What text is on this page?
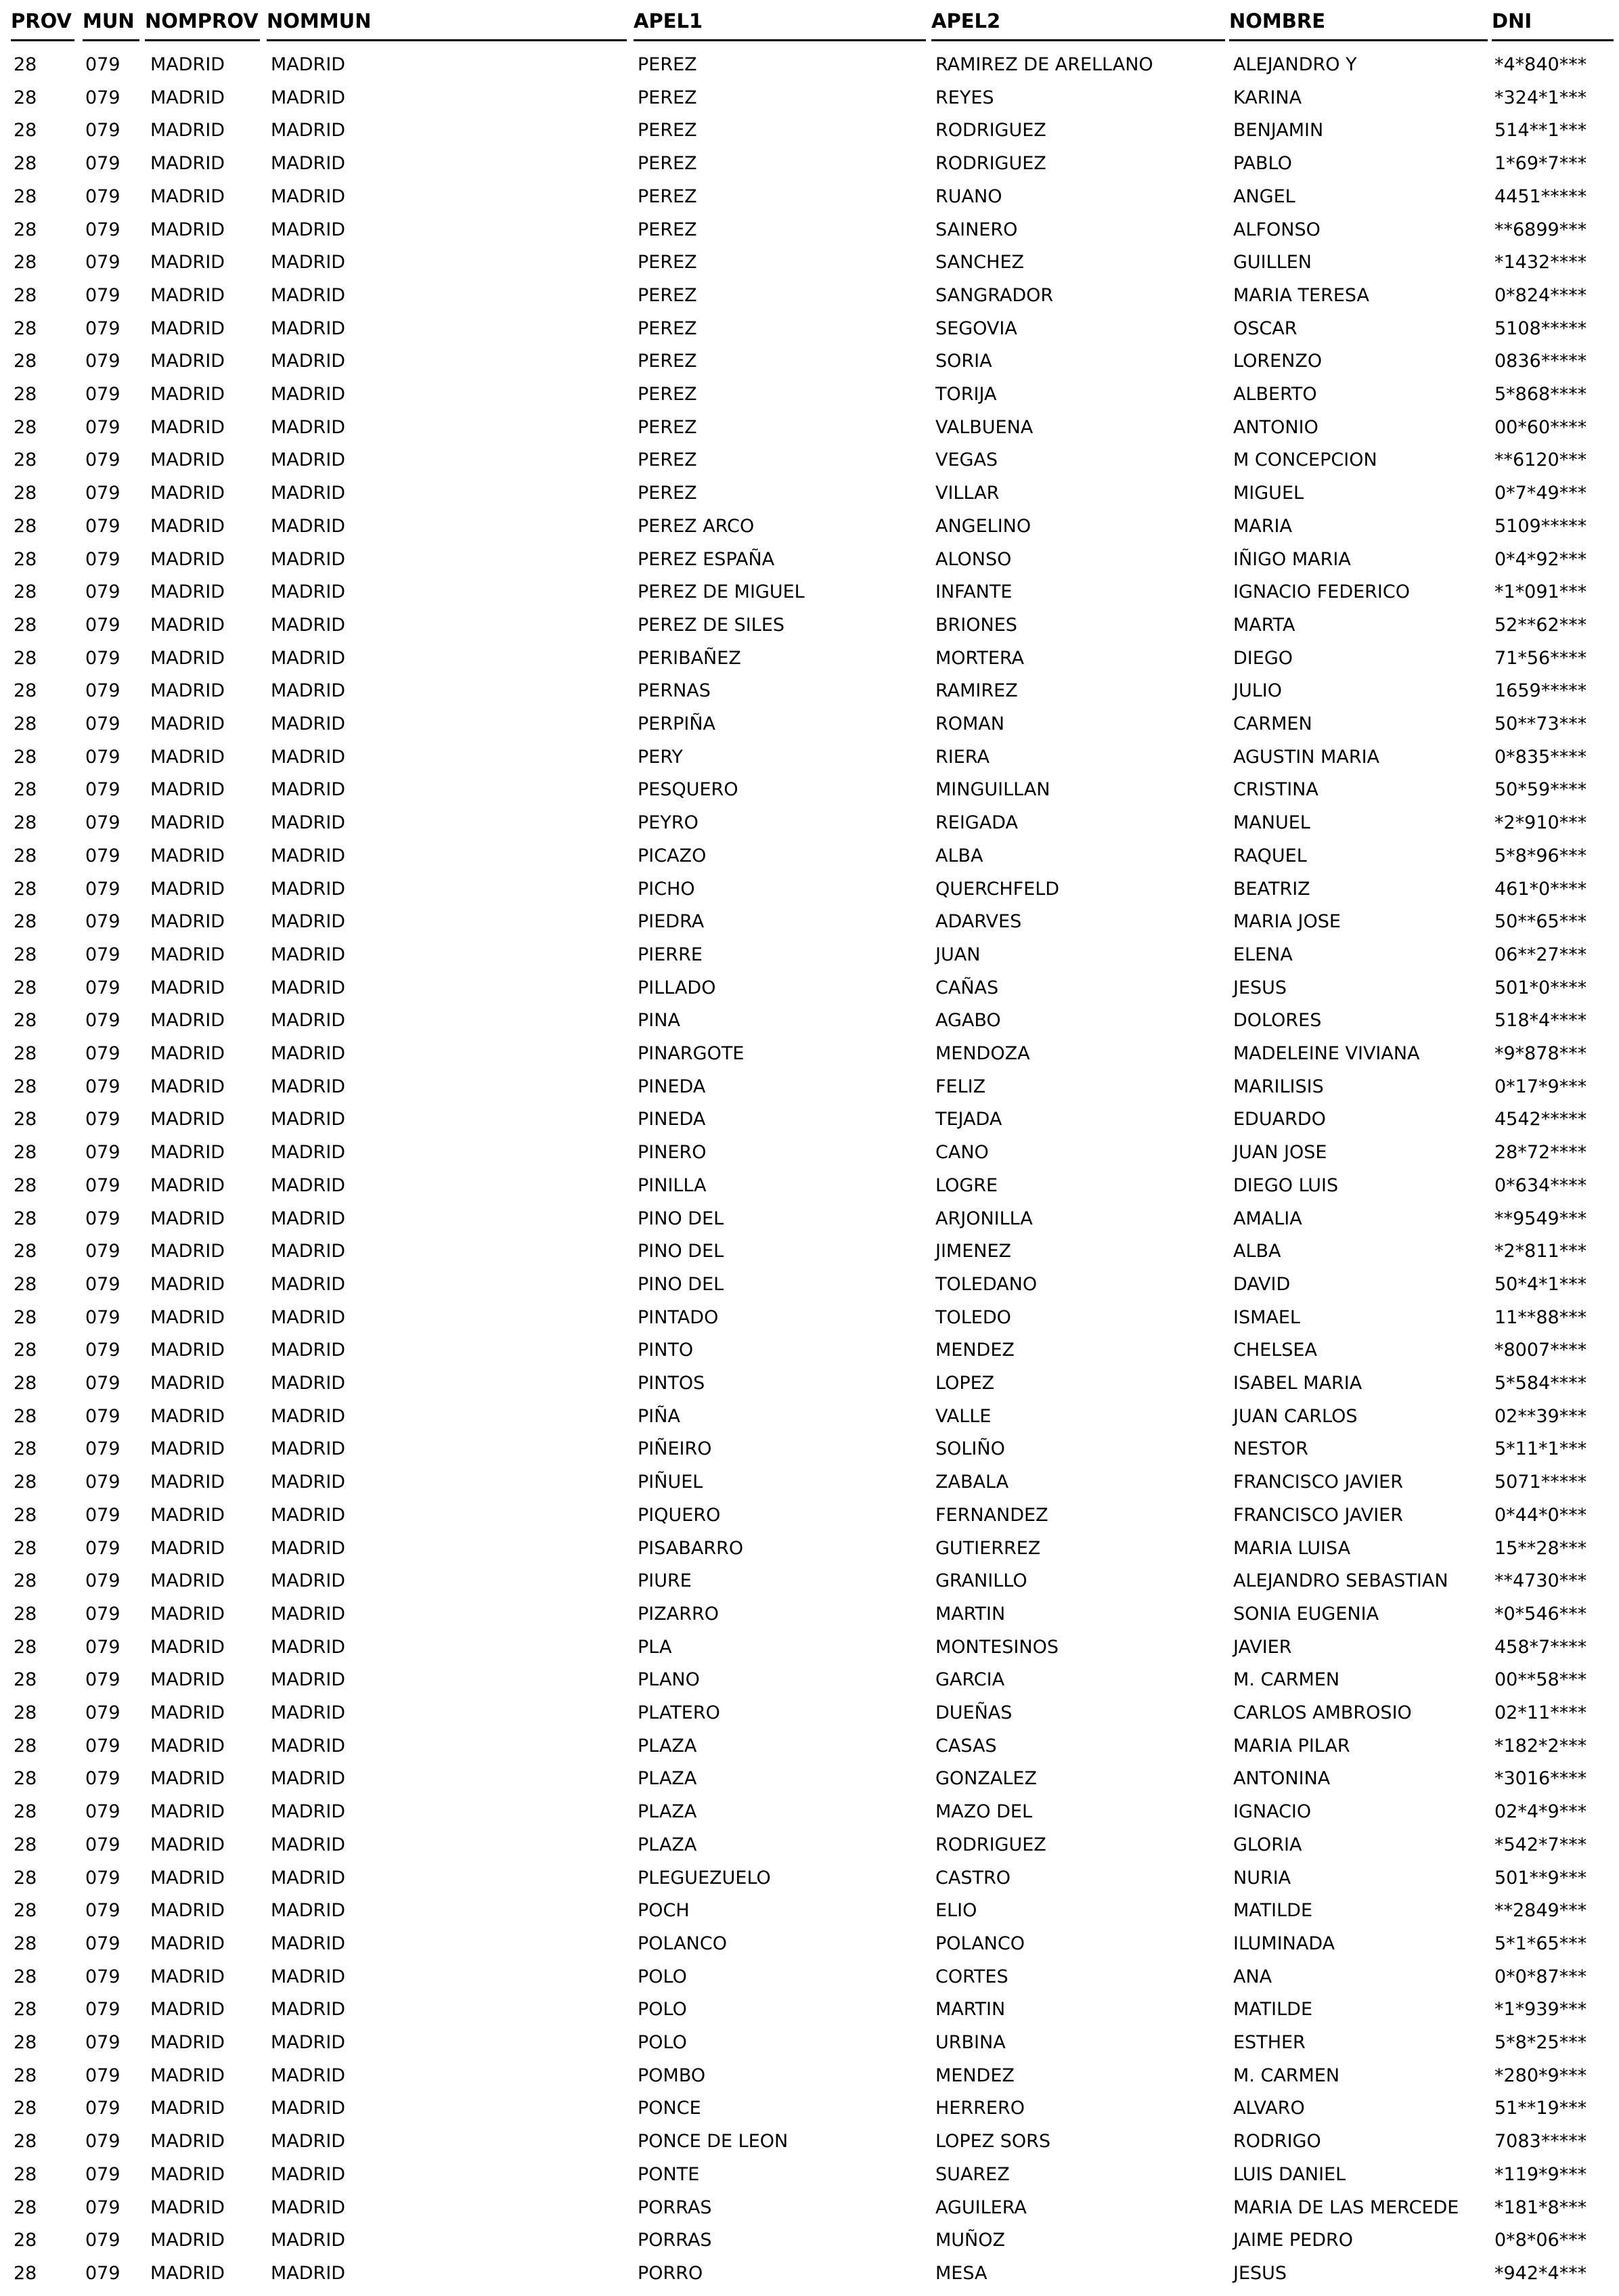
PROV MUN NOMPROV NOMMUN	APEL1	APEL2	NOMBRE	DNI
28	079 MADRID	MADRID	PEREZ	RAMIREZ DE ARELLANO	ALEJANDRO Y	*4*840***
28	079 MADRID	MADRID	PEREZ	REYES	KARINA	*324*1***
28	079 MADRID	MADRID	PEREZ	RODRIGUEZ	BENJAMIN	514**1***
28	079 MADRID	MADRID	PEREZ	RODRIGUEZ	PABLO	1*69*7***
28	079 MADRID	MADRID	PEREZ	RUANO	ANGEL	4451*****
28	079 MADRID	MADRID	PEREZ	SAINERO	ALFONSO	**6899***
28	079 MADRID	MADRID	PEREZ	SANCHEZ	GUILLEN	*1432****
28	079 MADRID	MADRID	PEREZ	SANGRADOR	MARIA TERESA	0*824****
28	079 MADRID	MADRID	PEREZ	SEGOVIA	OSCAR	5108*****
28	079 MADRID	MADRID	PEREZ	SORIA	LORENZO	0836*****
28	079 MADRID	MADRID	PEREZ	TORIJA	ALBERTO	5*868****
28	079 MADRID	MADRID	PEREZ	VALBUENA	ANTONIO	00*60****
28	079 MADRID	MADRID	PEREZ	VEGAS	M CONCEPCION	**6120***
28	079 MADRID	MADRID	PEREZ	VILLAR	MIGUEL	0*7*49***
28	079 MADRID	MADRID	PEREZ ARCO	ANGELINO	MARIA	5109*****
28	079 MADRID	MADRID	PEREZ ESPAÑA	ALONSO	IÑIGO MARIA	0*4*92***
28	079 MADRID	MADRID	PEREZ DE MIGUEL	INFANTE	IGNACIO FEDERICO	*1*091***
28	079 MADRID	MADRID	PEREZ DE SILES	BRIONES	MARTA	52**62***
28	079 MADRID	MADRID	PERIBAÑEZ	MORTERA	DIEGO	71*56****
28	079 MADRID	MADRID	PERNAS	RAMIREZ	JULIO	1659*****
28	079 MADRID	MADRID	PERPIÑA	ROMAN	CARMEN	50**73***
28	079 MADRID	MADRID	PERY	RIERA	AGUSTIN MARIA	0*835****
28	079 MADRID	MADRID	PESQUERO	MINGUILLAN	CRISTINA	50*59****
28	079 MADRID	MADRID	PEYRO	REIGADA	MANUEL	*2*910***
28	079 MADRID	MADRID	PICAZO	ALBA	RAQUEL	5*8*96***
28	079 MADRID	MADRID	PICHO	QUERCHFELD	BEATRIZ	461*0****
28	079 MADRID	MADRID	PIEDRA	ADARVES	MARIA JOSE	50**65***
28	079 MADRID	MADRID	PIERRE	JUAN	ELENA	06**27***
28	079 MADRID	MADRID	PILLADO	CAÑAS	JESUS	501*0****
28	079 MADRID	MADRID	PINA	AGABO	DOLORES	518*4****
28	079 MADRID	MADRID	PINARGOTE	MENDOZA	MADELEINE VIVIANA	*9*878***
28	079 MADRID	MADRID	PINEDA	FELIZ	MARILISIS	0*17*9***
28	079 MADRID	MADRID	PINEDA	TEJADA	EDUARDO	4542*****
28	079 MADRID	MADRID	PINERO	CANO	JUAN JOSE	28*72****
28	079 MADRID	MADRID	PINILLA	LOGRE	DIEGO LUIS	0*634****
28	079 MADRID	MADRID	PINO DEL	ARJONILLA	AMALIA	**9549***
28	079 MADRID	MADRID	PINO DEL	JIMENEZ	ALBA	*2*811***
28	079 MADRID	MADRID	PINO DEL	TOLEDANO	DAVID	50*4*1***
28	079 MADRID	MADRID	PINTADO	TOLEDO	ISMAEL	11**88***
28	079 MADRID	MADRID	PINTO	MENDEZ	CHELSEA	*8007****
28	079 MADRID	MADRID	PINTOS	LOPEZ	ISABEL MARIA	5*584****
28	079 MADRID	MADRID	PIÑA	VALLE	JUAN CARLOS	02**39***
28	079 MADRID	MADRID	PIÑEIRO	SOLIÑO	NESTOR	5*11*1***
28	079 MADRID	MADRID	PIÑUEL	ZABALA	FRANCISCO JAVIER	5071*****
28	079 MADRID	MADRID	PIQUERO	FERNANDEZ	FRANCISCO JAVIER	0*44*0***
28	079 MADRID	MADRID	PISABARRO	GUTIERREZ	MARIA LUISA	15**28***
28	079 MADRID	MADRID	PIURE	GRANILLO	ALEJANDRO SEBASTIAN	**4730***
28	079 MADRID	MADRID	PIZARRO	MARTIN	SONIA EUGENIA	*0*546***
28	079 MADRID	MADRID	PLA	MONTESINOS	JAVIER	458*7****
28	079 MADRID	MADRID	PLANO	GARCIA	M. CARMEN	00**58***
28	079 MADRID	MADRID	PLATERO	DUEÑAS	CARLOS AMBROSIO	02*11****
28	079 MADRID	MADRID	PLAZA	CASAS	MARIA PILAR	*182*2***
28	079 MADRID	MADRID	PLAZA	GONZALEZ	ANTONINA	*3016****
28	079 MADRID	MADRID	PLAZA	MAZO DEL	IGNACIO	02*4*9***
28	079 MADRID	MADRID	PLAZA	RODRIGUEZ	GLORIA	*542*7***
28	079 MADRID	MADRID	PLEGUEZUELO	CASTRO	NURIA	501**9***
28	079 MADRID	MADRID	POCH	ELIO	MATILDE	**2849***
28	079 MADRID	MADRID	POLANCO	POLANCO	ILUMINADA	5*1*65***
28	079 MADRID	MADRID	POLO	CORTES	ANA	0*0*87***
28	079 MADRID	MADRID	POLO	MARTIN	MATILDE	*1*939***
28	079 MADRID	MADRID	POLO	URBINA	ESTHER	5*8*25***
28	079 MADRID	MADRID	POMBO	MENDEZ	M. CARMEN	*280*9***
28	079 MADRID	MADRID	PONCE	HERRERO	ALVARO	51**19***
28	079 MADRID	MADRID	PONCE DE LEON	LOPEZ SORS	RODRIGO	7083*****
28	079 MADRID	MADRID	PONTE	SUAREZ	LUIS DANIEL	*119*9***
28	079 MADRID	MADRID	PORRAS	AGUILERA	MARIA DE LAS MERCEDE *181*8***
28	079 MADRID	MADRID	PORRAS	MUÑOZ	JAIME PEDRO	0*8*06***
28	079 MADRID	MADRID	PORRO	MESA	JESUS	*942*4***
